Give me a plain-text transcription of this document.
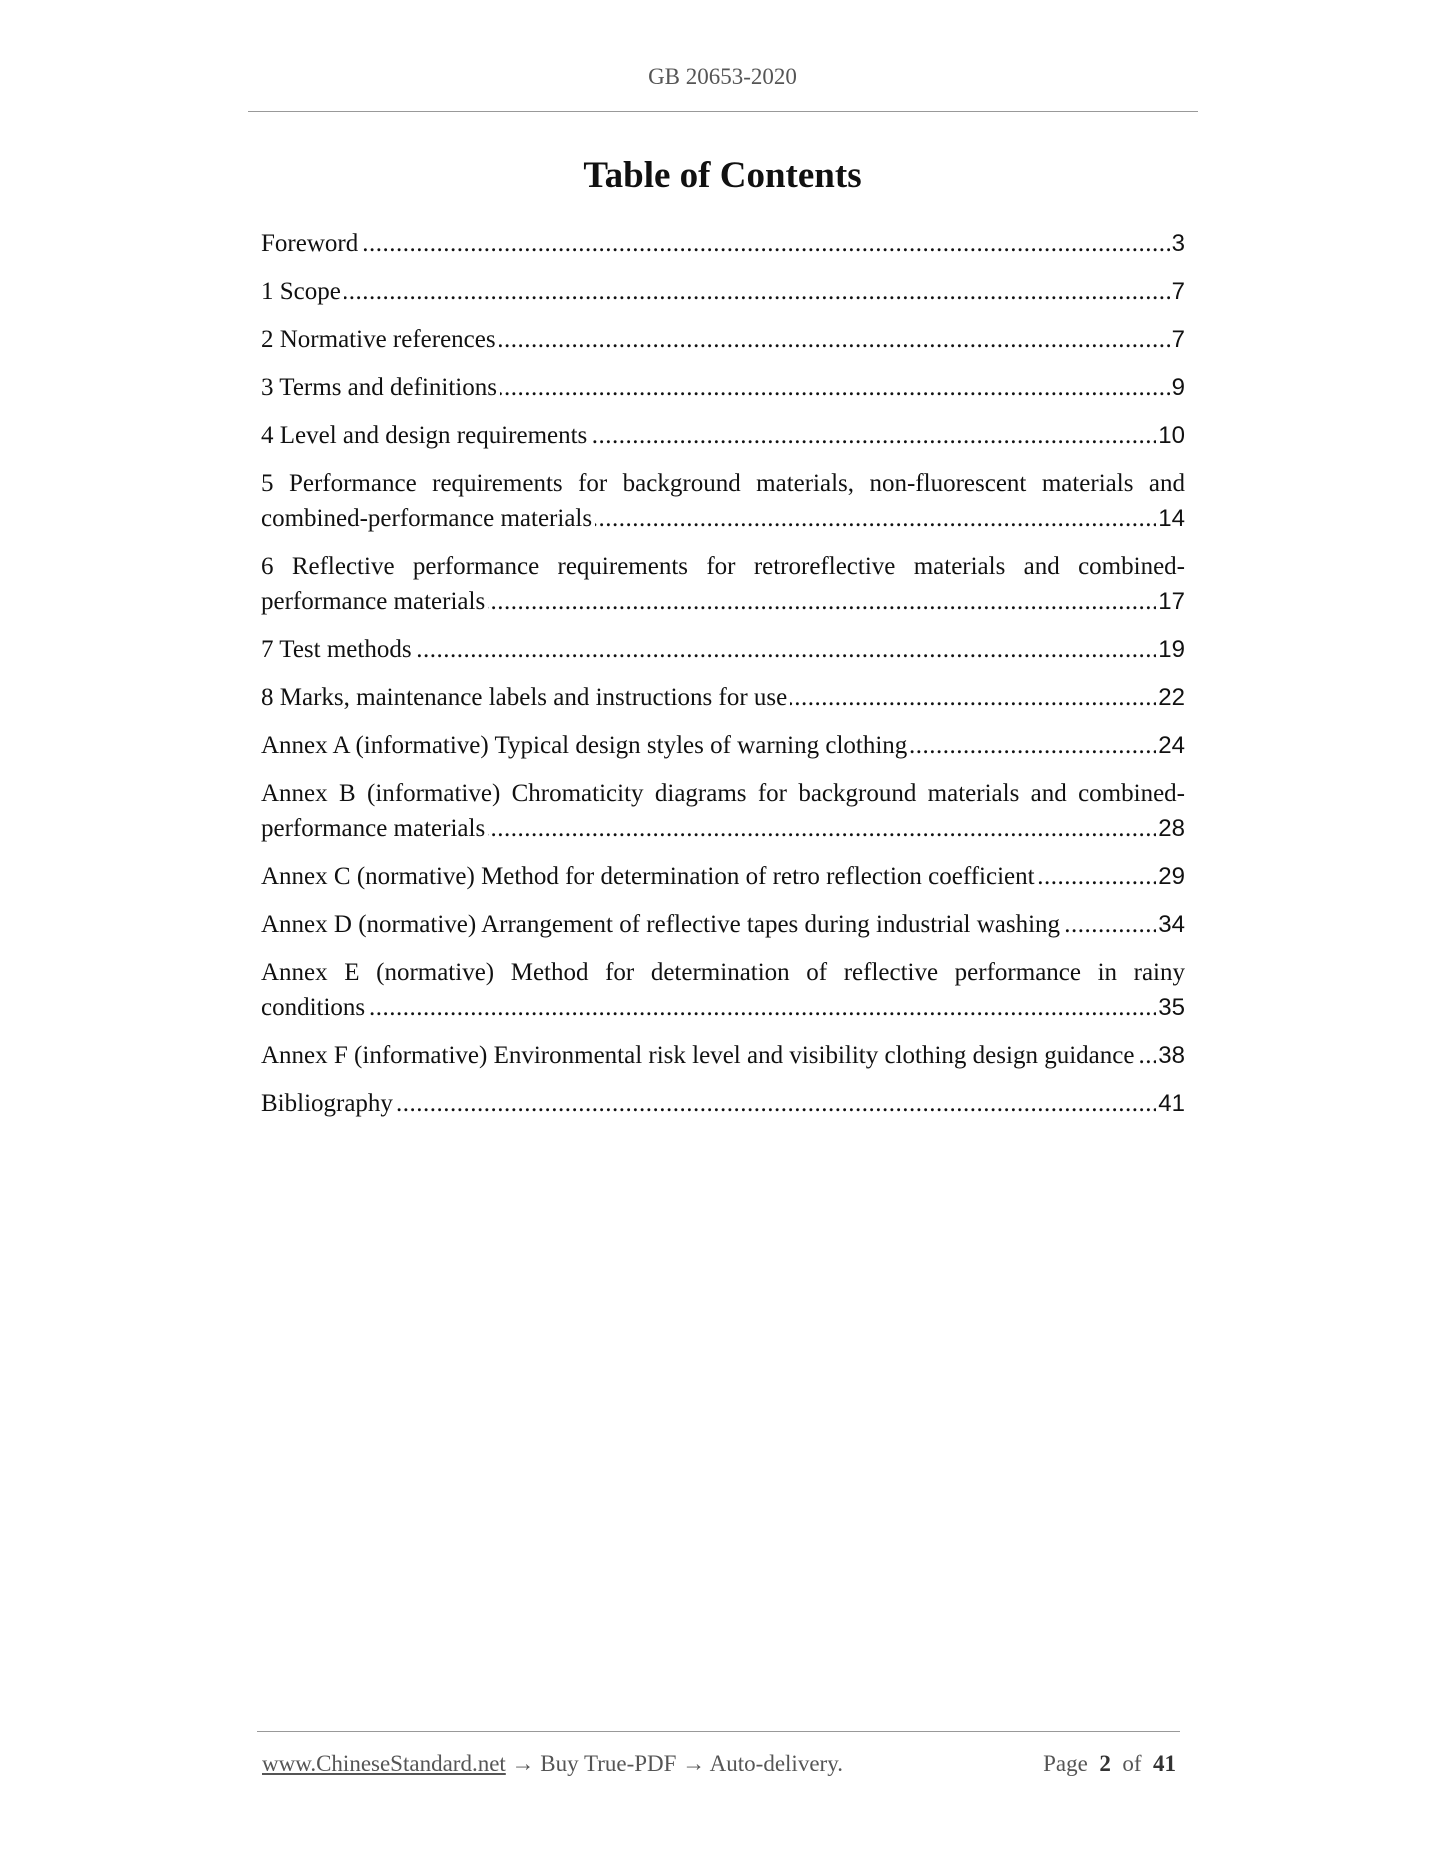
GB 20653-2020
Table of Contents
..... Foreword	3
..... 1 Scope	7
..... 2 Normative references	7
..... 3 Terms and definitions	9
..... 4 Level and design requirements	10
..... 5 Performance requirements for background materials, non-fluorescent materials and combined-performance materials	14
..... 6 Reflective performance requirements for retroreflective materials and combined-performance materials	17
..... 7 Test methods	19
..... 8 Marks, maintenance labels and instructions for use	22
..... Annex A (informative) Typical design styles of warning clothing	24
..... Annex B (informative) Chromaticity diagrams for background materials and combined-performance materials	28
..... Annex C (normative) Method for determination of retro reflection coefficient	29
..... Annex D (normative) Arrangement of reflective tapes during industrial washing	34
..... Annex E (normative) Method for determination of reflective performance in rainy conditions	35
..... Annex F (informative) Environmental risk level and visibility clothing design guidance 38
..... Bibliography	41
www.ChineseStandard.net → Buy True-PDF → Auto-delivery.	Page 2 of 41
